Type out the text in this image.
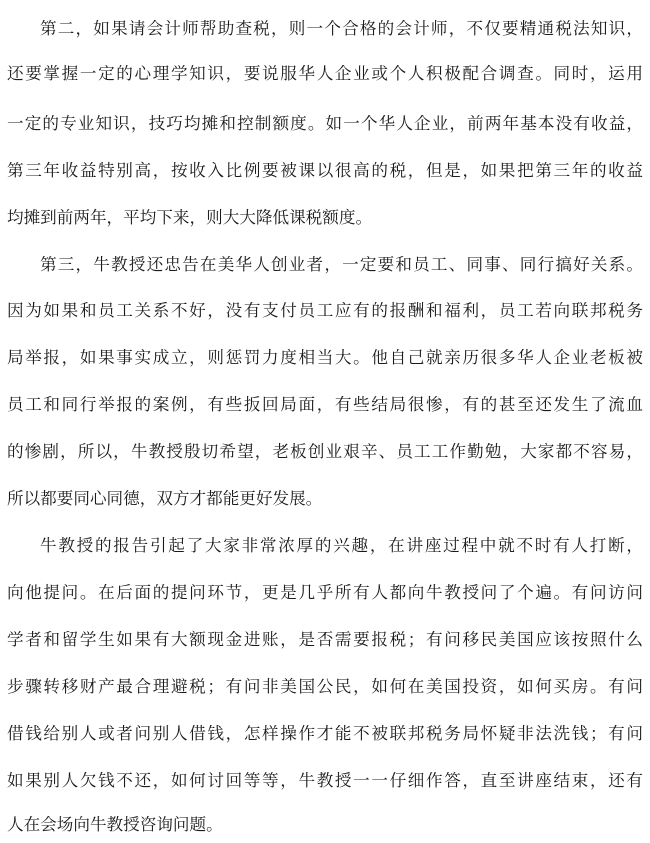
第二，如果请会计师帮助查税，则一个合格的会计师，不仅要精通税法知识，
还要掌握一定的心理学知识，要说服华人企业或个人积极配合调查。同时，运用
一定的专业知识，技巧均摊和控制额度。如一个华人企业，前两年基本没有收益，
第三年收益特别高，按收入比例要被课以很高的税，但是，如果把第三年的收益
均摊到前两年，平均下来，则大大降低课税额度。
第三，牛教授还忠告在美华人创业者，一定要和员工、同事、同行搞好关系。
因为如果和员工关系不好，没有支付员工应有的报酬和福利，员工若向联邦税务
局举报，如果事实成立，则惩罚力度相当大。他自己就亲历很多华人企业老板被
员工和同行举报的案例，有些扳回局面，有些结局很惨，有的甚至还发生了流血
的惨剧，所以，牛教授殷切希望，老板创业艰辛、员工工作勤勉，大家都不容易，
所以都要同心同德，双方才都能更好发展。
牛教授的报告引起了大家非常浓厚的兴趣，在讲座过程中就不时有人打断，
向他提问。在后面的提问环节，更是几乎所有人都向牛教授问了个遍。有问访问
学者和留学生如果有大额现金进账，是否需要报税；有问移民美国应该按照什么
步骤转移财产最合理避税；有问非美国公民，如何在美国投资，如何买房。有问
借钱给别人或者问别人借钱，怎样操作才能不被联邦税务局怀疑非法洗钱；有问
如果别人欠钱不还，如何讨回等等，牛教授一一仔细作答，直至讲座结束，还有
人在会场向牛教授咨询问题。
